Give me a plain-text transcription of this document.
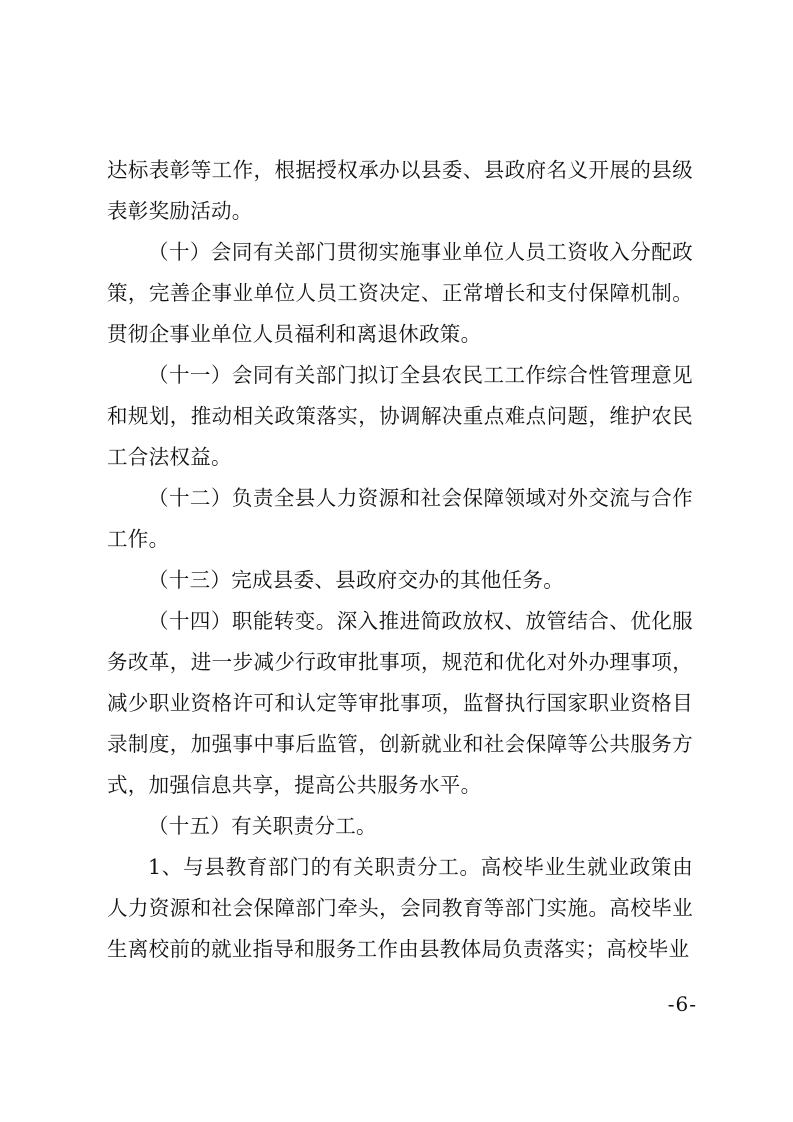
达标表彰等工作，根据授权承办以县委、县政府名义开展的县级表彰奖励活动。

（十）会同有关部门贯彻实施事业单位人员工资收入分配政策，完善企事业单位人员工资决定、正常增长和支付保障机制。贯彻企事业单位人员福利和离退休政策。

（十一）会同有关部门拟订全县农民工工作综合性管理意见和规划，推动相关政策落实，协调解决重点难点问题，维护农民工合法权益。

（十二）负责全县人力资源和社会保障领域对外交流与合作工作。

（十三）完成县委、县政府交办的其他任务。

（十四）职能转变。深入推进简政放权、放管结合、优化服务改革，进一步减少行政审批事项，规范和优化对外办理事项，减少职业资格许可和认定等审批事项，监督执行国家职业资格目录制度，加强事中事后监管，创新就业和社会保障等公共服务方式，加强信息共享，提高公共服务水平。

（十五）有关职责分工。

1、与县教育部门的有关职责分工。高校毕业生就业政策由人力资源和社会保障部门牵头，会同教育等部门实施。高校毕业生离校前的就业指导和服务工作由县教体局负责落实；高校毕业

-6-
